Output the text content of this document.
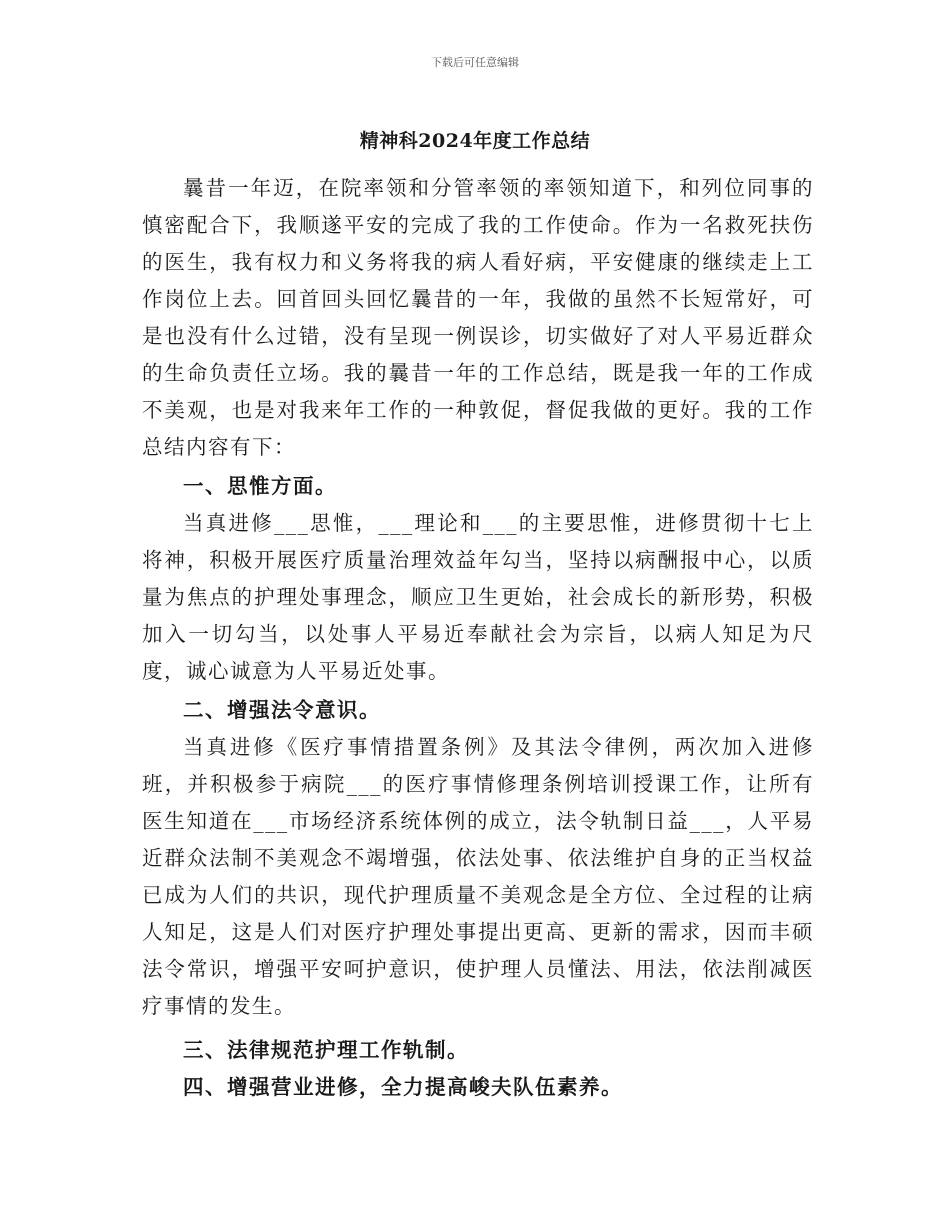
下载后可任意编辑
精神科2024年度工作总结

曩昔一年迈，在院率领和分管率领的率领知道下，和列位同事的慎密配合下，我顺遂平安的完成了我的工作使命。作为一名救死扶伤的医生，我有权力和义务将我的病人看好病，平安健康的继续走上工作岗位上去。回首回头回忆曩昔的一年，我做的虽然不长短常好，可是也没有什么过错，没有呈现一例误诊，切实做好了对人平易近群众的生命负责任立场。我的曩昔一年的工作总结，既是我一年的工作成不美观，也是对我来年工作的一种敦促，督促我做的更好。我的工作总结内容有下：

一、思惟方面。

当真进修___思惟，___理论和___的主要思惟，进修贯彻十七上将神，积极开展医疗质量治理效益年勾当，坚持以病酬报中心，以质量为焦点的护理处事理念，顺应卫生更始，社会成长的新形势，积极加入一切勾当，以处事人平易近奉献社会为宗旨，以病人知足为尺度，诚心诚意为人平易近处事。

二、增强法令意识。

当真进修《医疗事情措置条例》及其法令律例，两次加入进修班，并积极参于病院___的医疗事情修理条例培训授课工作，让所有医生知道在___市场经济系统体例的成立，法令轨制日益___，人平易近群众法制不美观念不竭增强，依法处事、依法维护自身的正当权益已成为人们的共识，现代护理质量不美观念是全方位、全过程的让病人知足，这是人们对医疗护理处事提出更高、更新的需求，因而丰硕法令常识，增强平安呵护意识，使护理人员懂法、用法，依法削减医疗事情的发生。

三、法律规范护理工作轨制。

四、增强营业进修，全力提高峻夫队伍素养。
